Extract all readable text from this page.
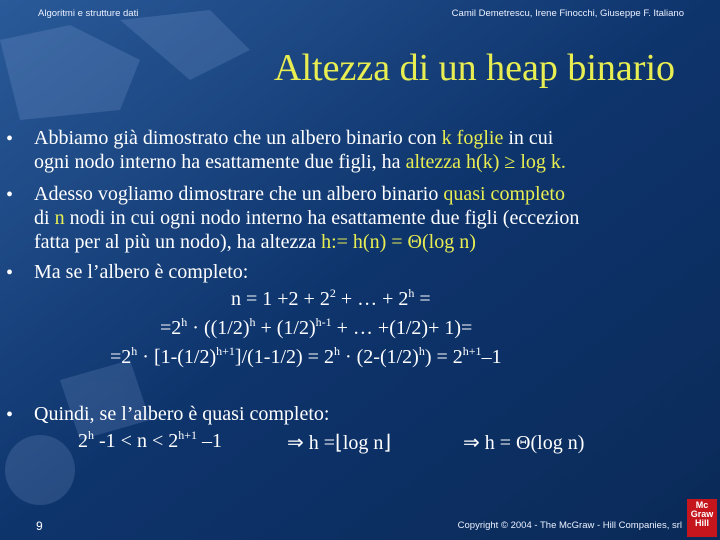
Algoritmi e strutture dati	Camil Demetrescu, Irene Finocchi, Giuseppe F. Italiano
Altezza di un heap binario
• Abbiamo già dimostrato che un albero binario con k foglie in cui
ogni nodo interno ha esattamente due figli, ha altezza h(k) ≥ log k.
• Adesso vogliamo dimostrare che un albero binario quasi completo
di n nodi in cui ogni nodo interno ha esattamente due figli (eccezion
fatta per al più un nodo), ha altezza h:= h(n) = Θ(log n)
• Ma se l’albero è completo:
$n = 1 +2 + 2^2$ + … + $2^h$ =
$=2^h \cdot ((1/2)^h + (1/2)^{h-1}$ + … +(1/2)+ 1)=
$=2^h \cdot [1-(1/2)^{h+1}]/(1-1/2) = 2^h \cdot (2-(1/2)^h) = 2^{h+1}-1$
• Quindi, se l’albero è quasi completo:
2$^h$ $-1 < n < 2^{h+1}$ –1	⇒ h =⌊log n⌋	⇒ h = Θ(log n)
9	Copyright © 2004 - The McGraw - Hill Companies, srl
Mc
Graw
Hill
